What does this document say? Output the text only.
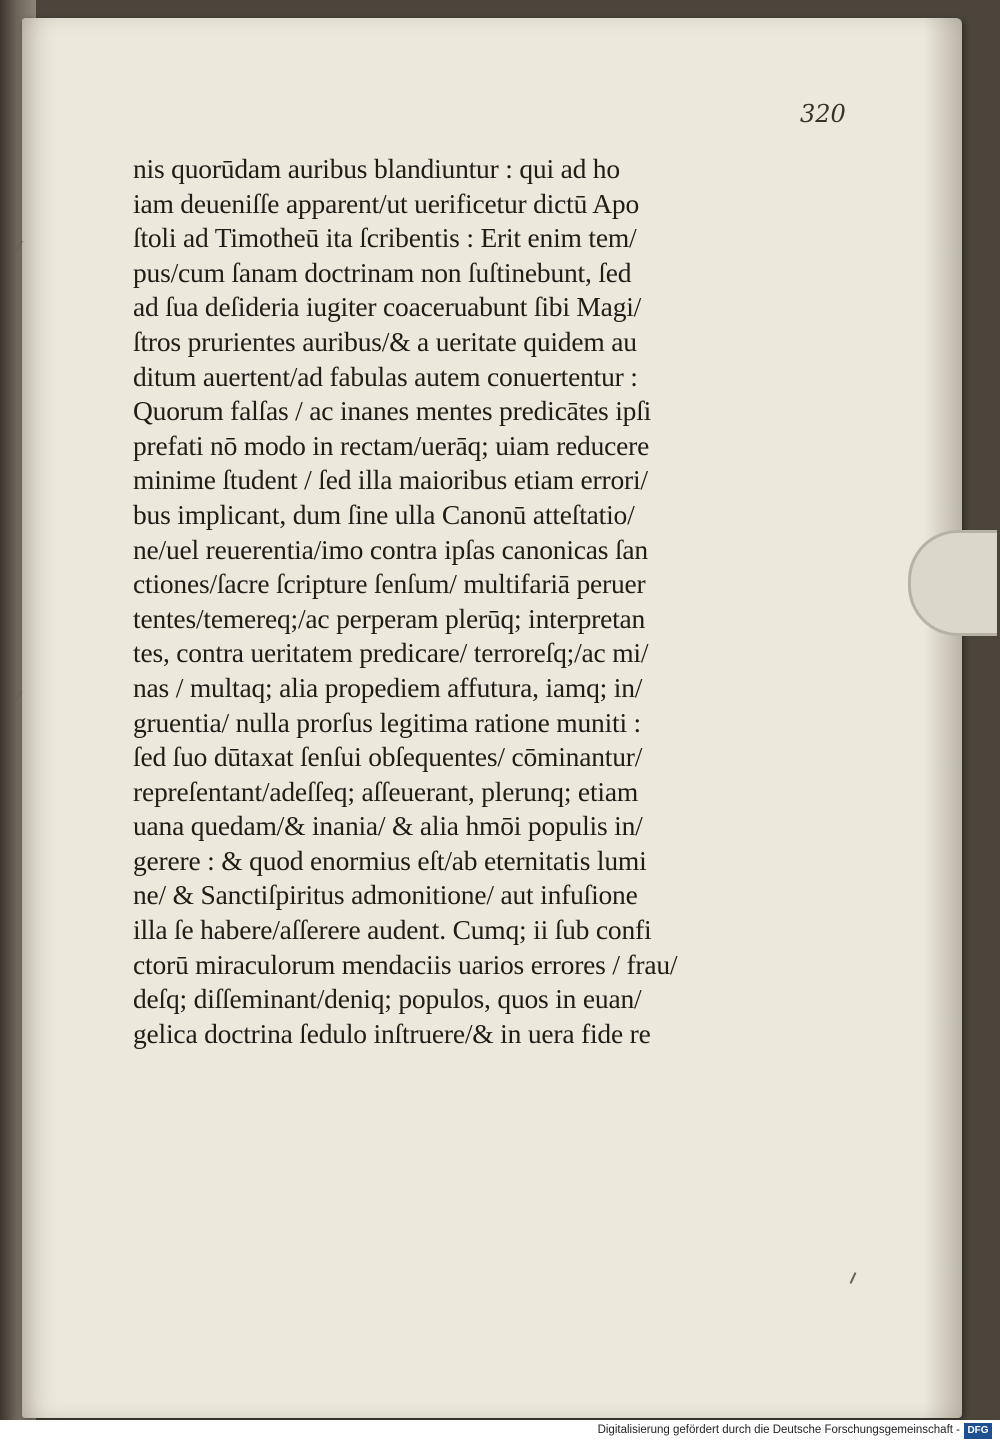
320
nis quorūdam auribus blandiuntur : qui ad ho
iam deueniſſe apparent/ut uerificetur dictū Apo
ſtoli ad Timotheū ita ſcribentis : Erit enim tem/
pus/cum ſanam doctrinam non ſuſtinebunt, ſed
ad ſua deſideria iugiter coaceruabunt ſibi Magi/
ſtros prurientes auribus/& a ueritate quidem au
ditum auertent/ad fabulas autem conuertentur :
Quorum falſas / ac inanes mentes predicātes ipſi
prefati nō modo in rectam/uerāq; uiam reducere
minime ſtudent / ſed illa maioribus etiam errori/
bus implicant, dum ſine ulla Canonū atteſtatio/
ne/uel reuerentia/imo contra ipſas canonicas ſan
ctiones/ſacre ſcripture ſenſum/ multifariā peruer
tentes/temereq;/ac perperam plerūq; interpretan
tes, contra ueritatem predicare/ terroreſq;/ac mi/
nas / multaq; alia propediem affutura, iamq; in/
gruentia/ nulla prorſus legitima ratione muniti :
ſed ſuo dūtaxat ſenſui obſequentes/ cōminantur/
repreſentant/adeſſeq; aſſeuerant, plerunq; etiam
uana quedam/& inania/ & alia hmōi populis in/
gerere : & quod enormius eſt/ab eternitatis lumi
ne/ & Sanctiſpiritus admonitione/ aut infuſione
illa ſe habere/aſſerere audent. Cumq; ii ſub confi
ctorū miraculorum mendaciis uarios errores / frau/
deſq; diſſeminant/deniq; populos, quos in euan/
gelica doctrina ſedulo inſtruere/& in uera fide re
Digitalisierung gefördert durch die Deutsche Forschungsgemeinschaft - DFG
